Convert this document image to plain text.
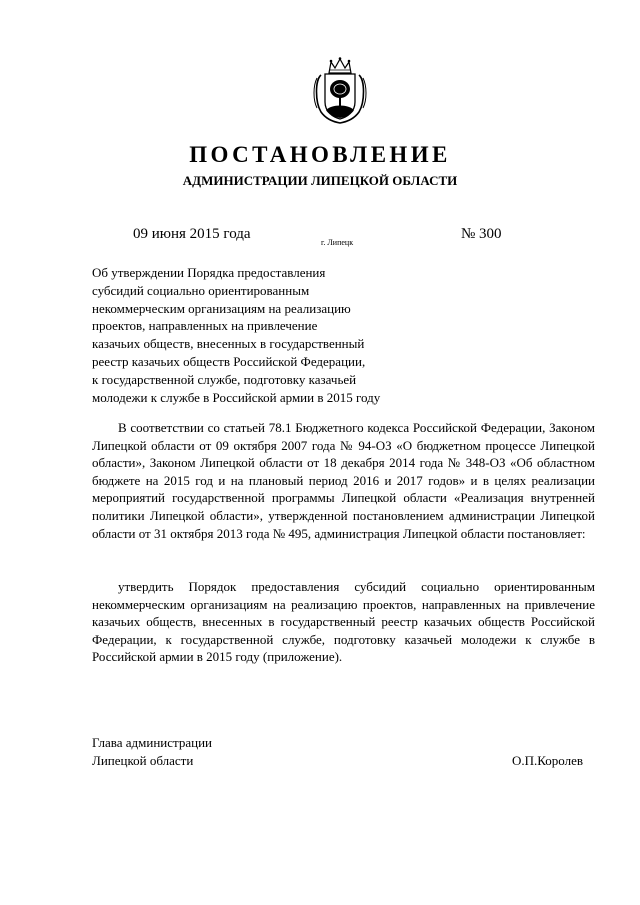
ПОСТАНОВЛЕНИЕ
АДМИНИСТРАЦИИ ЛИПЕЦКОЙ ОБЛАСТИ
09 июня 2015 года
г. Липецк
№ 300
Об утверждении Порядка предоставления
субсидий социально ориентированным
некоммерческим организациям на реализацию
проектов, направленных на привлечение
казачьих обществ, внесенных в государственный
реестр казачьих обществ Российской Федерации,
к государственной службе, подготовку казачьей
молодежи к службе в Российской армии в 2015 году

В соответствии со статьей 78.1 Бюджетного кодекса Российской Федерации, Законом Липецкой области от 09 октября 2007 года № 94-ОЗ «О бюджетном процессе Липецкой области», Законом Липецкой области от 18 декабря 2014 года № 348-ОЗ «Об областном бюджете на 2015 год и на плановый период 2016 и 2017 годов» и в целях реализации мероприятий государственной программы Липецкой области «Реализация внутренней политики Липецкой области», утвержденной постановлением администрации Липецкой области от 31 октября 2013 года № 495, администрация Липецкой области постановляет:

утвердить Порядок предоставления субсидий социально ориентированным некоммерческим организациям на реализацию проектов, направленных на привлечение казачьих обществ, внесенных в государственный реестр казачьих обществ Российской Федерации, к государственной службе, подготовку казачьей молодежи к службе в Российской армии в 2015 году (приложение).

Глава администрации
Липецкой области	О.П.Королев
